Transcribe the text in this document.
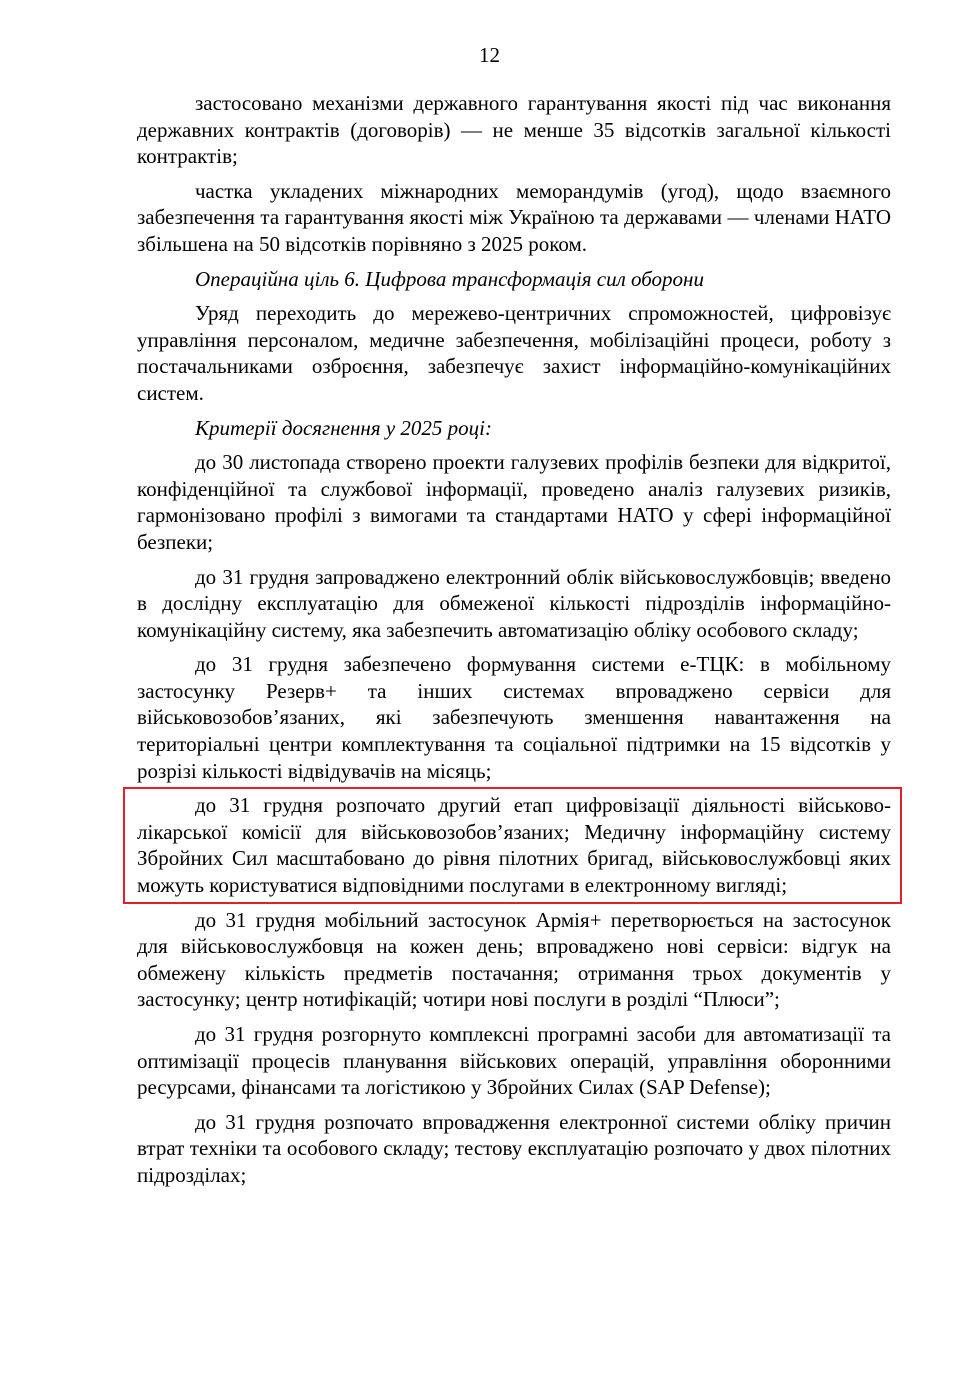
12

застосовано механізми державного гарантування якості під час виконання державних контрактів (договорів) — не менше 35 відсотків загальної кількості контрактів;

частка укладених міжнародних меморандумів (угод), щодо взаємного забезпечення та гарантування якості між Україною та державами — членами НАТО збільшена на 50 відсотків порівняно з 2025 роком.

Операційна ціль 6. Цифрова трансформація сил оборони

Уряд переходить до мережево-центричних спроможностей, цифровізує управління персоналом, медичне забезпечення, мобілізаційні процеси, роботу з постачальниками озброєння, забезпечує захист інформаційно-комунікаційних систем.

Критерії досягнення у 2025 році:

до 30 листопада створено проекти галузевих профілів безпеки для відкритої, конфіденційної та службової інформації, проведено аналіз галузевих ризиків, гармонізовано профілі з вимогами та стандартами НАТО у сфері інформаційної безпеки;

до 31 грудня запроваджено електронний облік військовослужбовців; введено в дослідну експлуатацію для обмеженої кількості підрозділів інформаційно-комунікаційну систему, яка забезпечить автоматизацію обліку особового складу;

до 31 грудня забезпечено формування системи е-ТЦК: в мобільному застосунку Резерв+ та інших системах впроваджено сервіси для військовозобов’язаних, які забезпечують зменшення навантаження на територіальні центри комплектування та соціальної підтримки на 15 відсотків у розрізі кількості відвідувачів на місяць;

до 31 грудня розпочато другий етап цифровізації діяльності військово-лікарської комісії для військовозобов’язаних; Медичну інформаційну систему Збройних Сил масштабовано до рівня пілотних бригад, військовослужбовці яких можуть користуватися відповідними послугами в електронному вигляді;

до 31 грудня мобільний застосунок Армія+ перетворюється на застосунок для військовослужбовця на кожен день; впроваджено нові сервіси: відгук на обмежену кількість предметів постачання; отримання трьох документів у застосунку; центр нотифікацій; чотири нові послуги в розділі “Плюси”;

до 31 грудня розгорнуто комплексні програмні засоби для автоматизації та оптимізації процесів планування військових операцій, управління оборонними ресурсами, фінансами та логістикою у Збройних Силах (SAP Defense);

до 31 грудня розпочато впровадження електронної системи обліку причин втрат техніки та особового складу; тестову експлуатацію розпочато у двох пілотних підрозділах;
